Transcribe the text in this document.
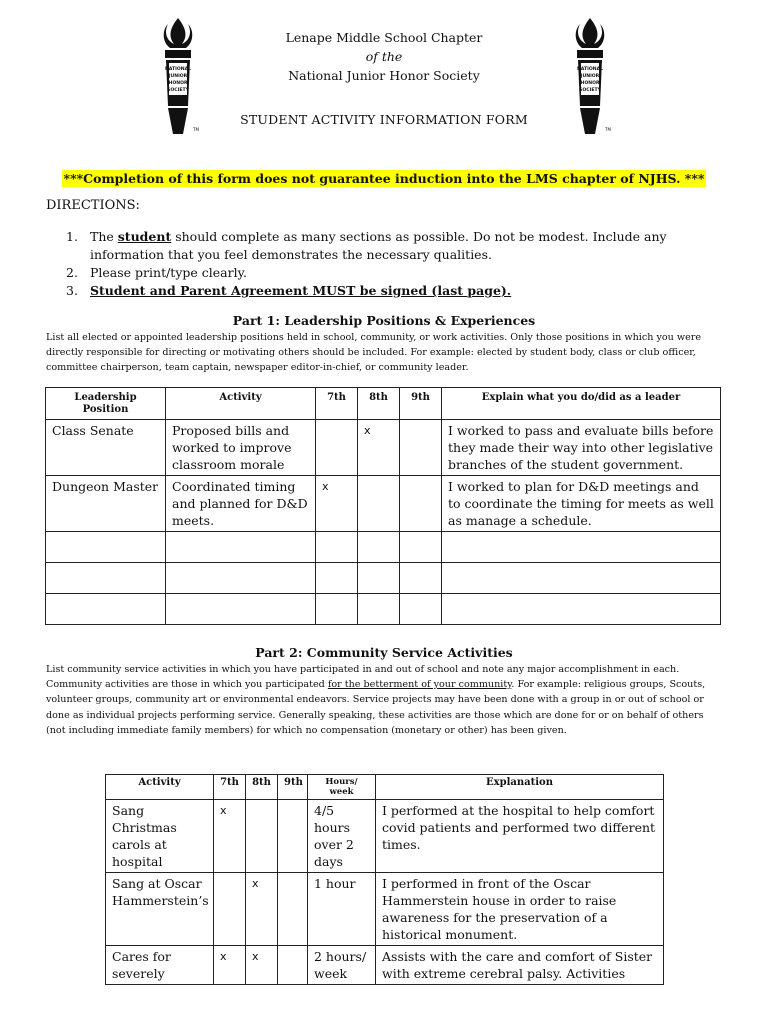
NATIONAL
JUNIOR
HONOR
SOCIETY
TM
NATIONAL
JUNIOR
HONOR
SOCIETY
TM
Lenape Middle School Chapter
of the
National Junior Honor Society
STUDENT ACTIVITY INFORMATION FORM
***Completion of this form does not guarantee induction into the LMS chapter of NJHS. ***
DIRECTIONS:
1. The student should complete as many sections as possible. Do not be modest. Include any information that you feel demonstrates the necessary qualities.
2. Please print/type clearly.
3. Student and Parent Agreement MUST be signed (last page).
Part 1: Leadership Positions & Experiences
List all elected or appointed leadership positions held in school, community, or work activities. Only those positions in which you were directly responsible for directing or motivating others should be included. For example: elected by student body, class or club officer, committee chairperson, team captain, newspaper editor-in-chief, or community leader.
Leadership Position	Activity	7th	8th	9th	Explain what you do/did as a leader
Class Senate	Proposed bills and worked to improve classroom morale		x		I worked to pass and evaluate bills before they made their way into other legislative branches of the student government.
Dungeon Master	Coordinated timing and planned for D&D meets.	x			I worked to plan for D&D meetings and to coordinate the timing for meets as well as manage a schedule.

Part 2: Community Service Activities
List community service activities in which you have participated in and out of school and note any major accomplishment in each. Community activities are those in which you participated for the betterment of your community. For example: religious groups, Scouts, volunteer groups, community art or environmental endeavors. Service projects may have been done with a group in or out of school or done as individual projects performing service. Generally speaking, these activities are those which are done for or on behalf of others (not including immediate family members) for which no compensation (monetary or other) has been given.
Activity	7th	8th	9th	Hours/ week	Explanation
Sang Christmas carols at hospital	x			4/5 hours over 2 days	I performed at the hospital to help comfort covid patients and performed two different times.
Sang at Oscar Hammerstein’s		x		1 hour	I performed in front of the Oscar Hammerstein house in order to raise awareness for the preservation of a historical monument.
Cares for severely	x	x		2 hours/ week	Assists with the care and comfort of Sister with extreme cerebral palsy. Activities
